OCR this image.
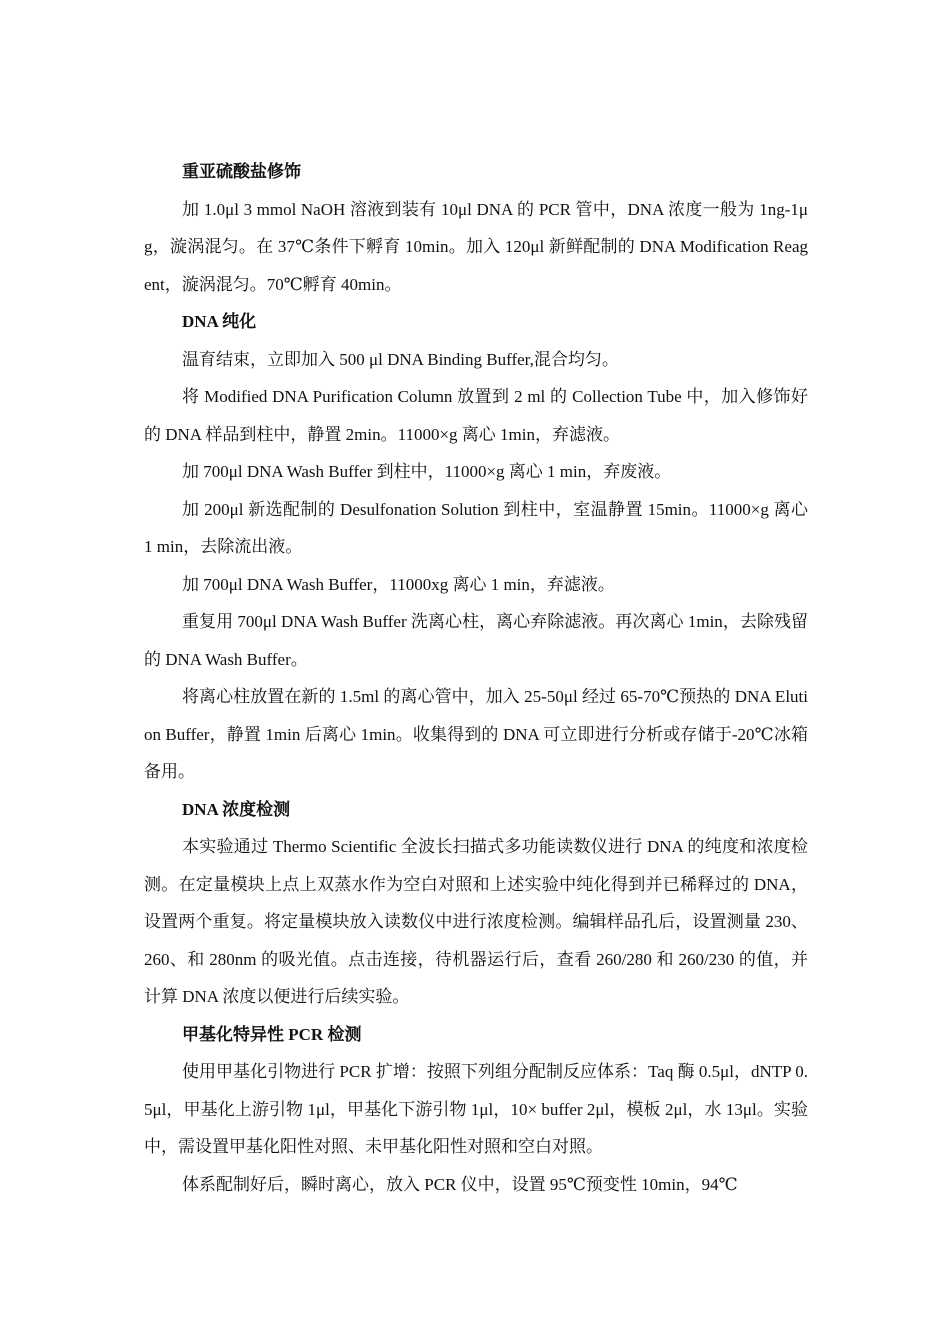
重亚硫酸盐修饰

加 1.0μl 3 mmol NaOH 溶液到装有 10μl DNA 的 PCR 管中，DNA 浓度一般为 1ng-1μg，漩涡混匀。在 37℃条件下孵育 10min。加入 120μl 新鲜配制的 DNA Modification Reagent，漩涡混匀。70℃孵育 40min。

DNA 纯化

温育结束，立即加入 500 μl DNA Binding Buffer,混合均匀。

将 Modified DNA Purification Column 放置到 2 ml 的 Collection Tube 中，加入修饰好的 DNA 样品到柱中，静置 2min。11000×g 离心 1min，弃滤液。

加 700μl DNA Wash Buffer 到柱中，11000×g 离心 1 min，弃废液。

加 200μl 新选配制的 Desulfonation Solution 到柱中，室温静置 15min。11000×g 离心 1 min，去除流出液。

加 700μl DNA Wash Buffer，11000xg 离心 1 min，弃滤液。

重复用 700μl DNA Wash Buffer 洗离心柱，离心弃除滤液。再次离心 1min，去除残留的 DNA Wash Buffer。

将离心柱放置在新的 1.5ml 的离心管中，加入 25-50μl 经过 65-70℃预热的 DNA Elution Buffer，静置 1min 后离心 1min。收集得到的 DNA 可立即进行分析或存储于-20℃冰箱备用。

DNA 浓度检测

本实验通过 Thermo Scientific 全波长扫描式多功能读数仪进行 DNA 的纯度和浓度检测。在定量模块上点上双蒸水作为空白对照和上述实验中纯化得到并已稀释过的 DNA，设置两个重复。将定量模块放入读数仪中进行浓度检测。编辑样品孔后，设置测量 230、260、和 280nm 的吸光值。点击连接，待机器运行后，查看 260/280 和 260/230 的值，并计算 DNA 浓度以便进行后续实验。

甲基化特异性 PCR 检测

使用甲基化引物进行 PCR 扩增：按照下列组分配制反应体系：Taq 酶 0.5μl，dNTP 0.5μl，甲基化上游引物 1μl，甲基化下游引物 1μl，10× buffer 2μl，模板 2μl，水 13μl。实验中，需设置甲基化阳性对照、未甲基化阳性对照和空白对照。

体系配制好后，瞬时离心，放入 PCR 仪中，设置 95℃预变性 10min，94℃
